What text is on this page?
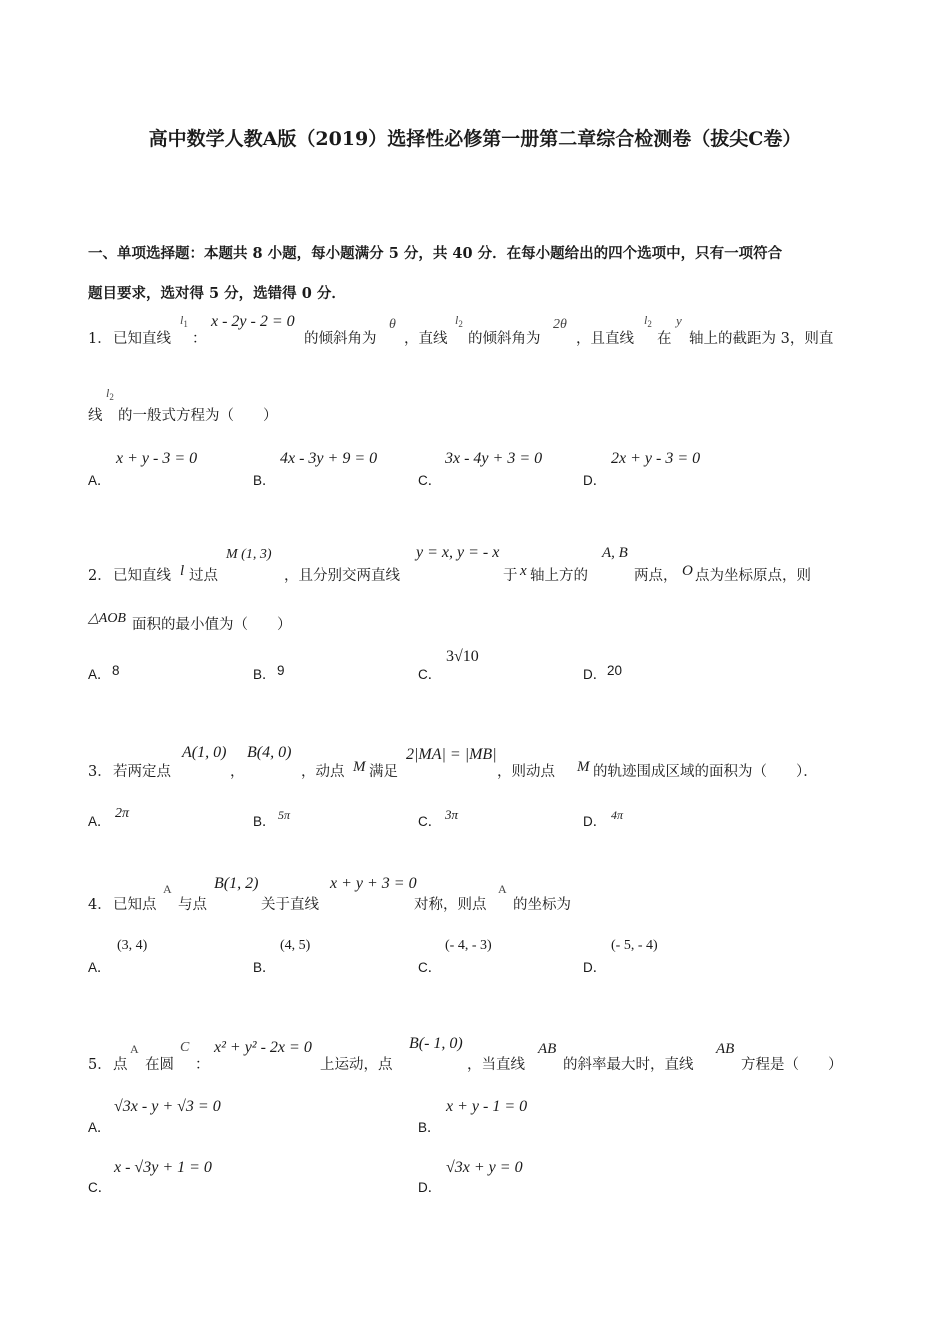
高中数学人教A版（2019）选择性必修第一册第二章综合检测卷（拔尖C卷）
一、单项选择题：本题共 8 小题，每小题满分 5 分，共 40 分．在每小题给出的四个选项中，只有一项符合
题目要求，选对得 5 分，选错得 0 分．
1． 已知直线
$l_1$
：
x - 2y - 2 = 0
的倾斜角为
θ
，直线
$l_2$
的倾斜角为
2θ
，且直线
$l_2$
在
y
轴上的截距为 3，则直
线
$l_2$
的一般式方程为（　　）
A．
x + y - 3 = 0
B．
4x - 3y + 9 = 0
C．
3x - 4y + 3 = 0
D．
2x + y - 3 = 0
2． 已知直线 l 过点
M (1, 3)
，且分别交两直线
y = x, y = - x
于 x 轴上方的
A, B
两点， O 点为坐标原点，则
△AOB 面积的最小值为（　　）
A． 8	B． 9	C．
3√10
D． 20
3． 若两定点
A(1, 0)
，
B(4, 0)
，动点 M 满足
2|MA| = |MB|
，则动点 M 的轨迹围成区域的面积为（　　）．
A．
2π
B． 5π	C． 3π	D． 4π
4． 已知点
A
与点
B(1, 2)
关于直线
x + y + 3 = 0
对称，则点
A
的坐标为
A．
(3, 4)
B．
(4, 5)
C．
(- 4, - 3)
D．
(- 5, - 4)
5． 点
A
在圆
C
：
x² + y² - 2x = 0
上运动，点
B(- 1, 0)
，当直线
AB
的斜率最大时，直线
AB
方程是（　　）
A．
√3x - y + √3 = 0
B．
x + y - 1 = 0
C．
x - √3y + 1 = 0
D．
√3x + y = 0
